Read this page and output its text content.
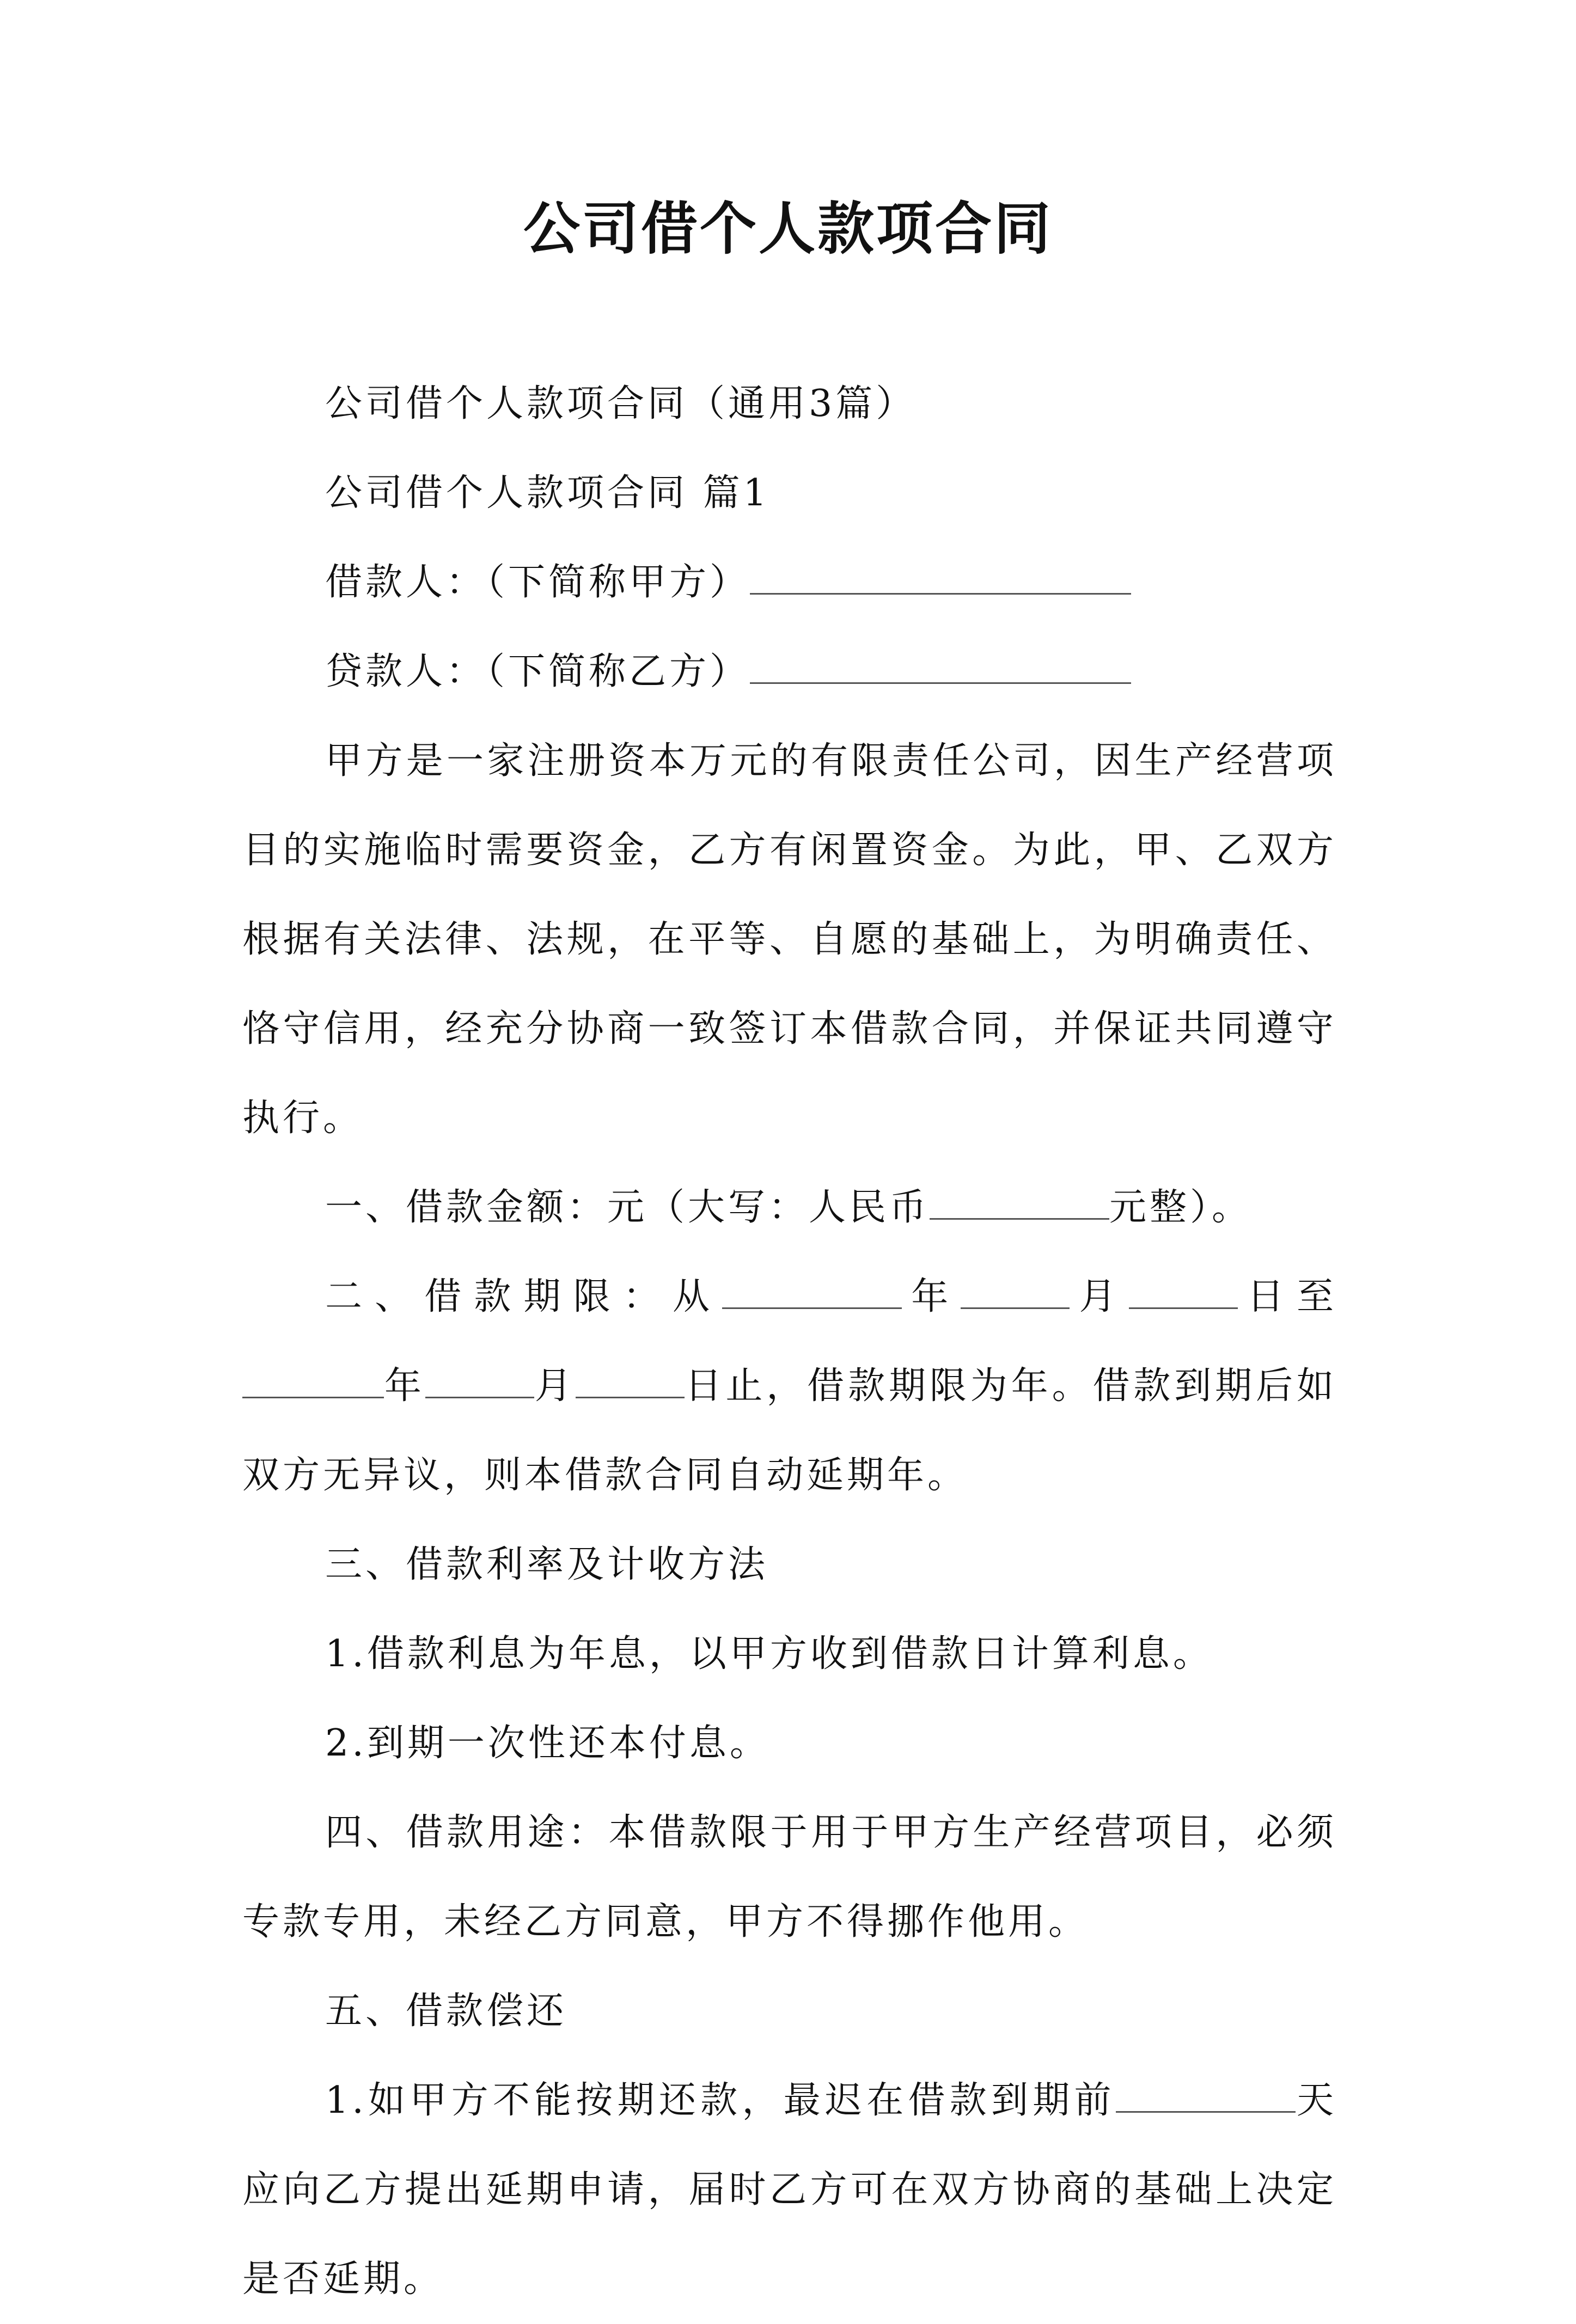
公司借个人款项合同

公司借个人款项合同（通用3篇）

公司借个人款项合同 篇1

借款人：（下简称甲方）

贷款人：（下简称乙方）

甲方是一家注册资本万元的有限责任公司，因生产经营项目的实施临时需要资金，乙方有闲置资金。为此，甲、乙双方根据有关法律、法规，在平等、自愿的基础上，为明确责任、恪守信用，经充分协商一致签订本借款合同，并保证共同遵守执行。

一、借款金额：元（大写：人民币	元整）。

二、借款期限：从	年	月	日至年	月	日止，借款期限为年。借款到期后如双方无异议，则本借款合同自动延期年。

三、借款利率及计收方法

1.借款利息为年息，以甲方收到借款日计算利息。

2.到期一次性还本付息。

四、借款用途：本借款限于用于甲方生产经营项目，必须专款专用，未经乙方同意，甲方不得挪作他用。

五、借款偿还

1.如甲方不能按期还款，最迟在借款到期前	天应向乙方提出延期申请，届时乙方可在双方协商的基础上决定是否延期。
